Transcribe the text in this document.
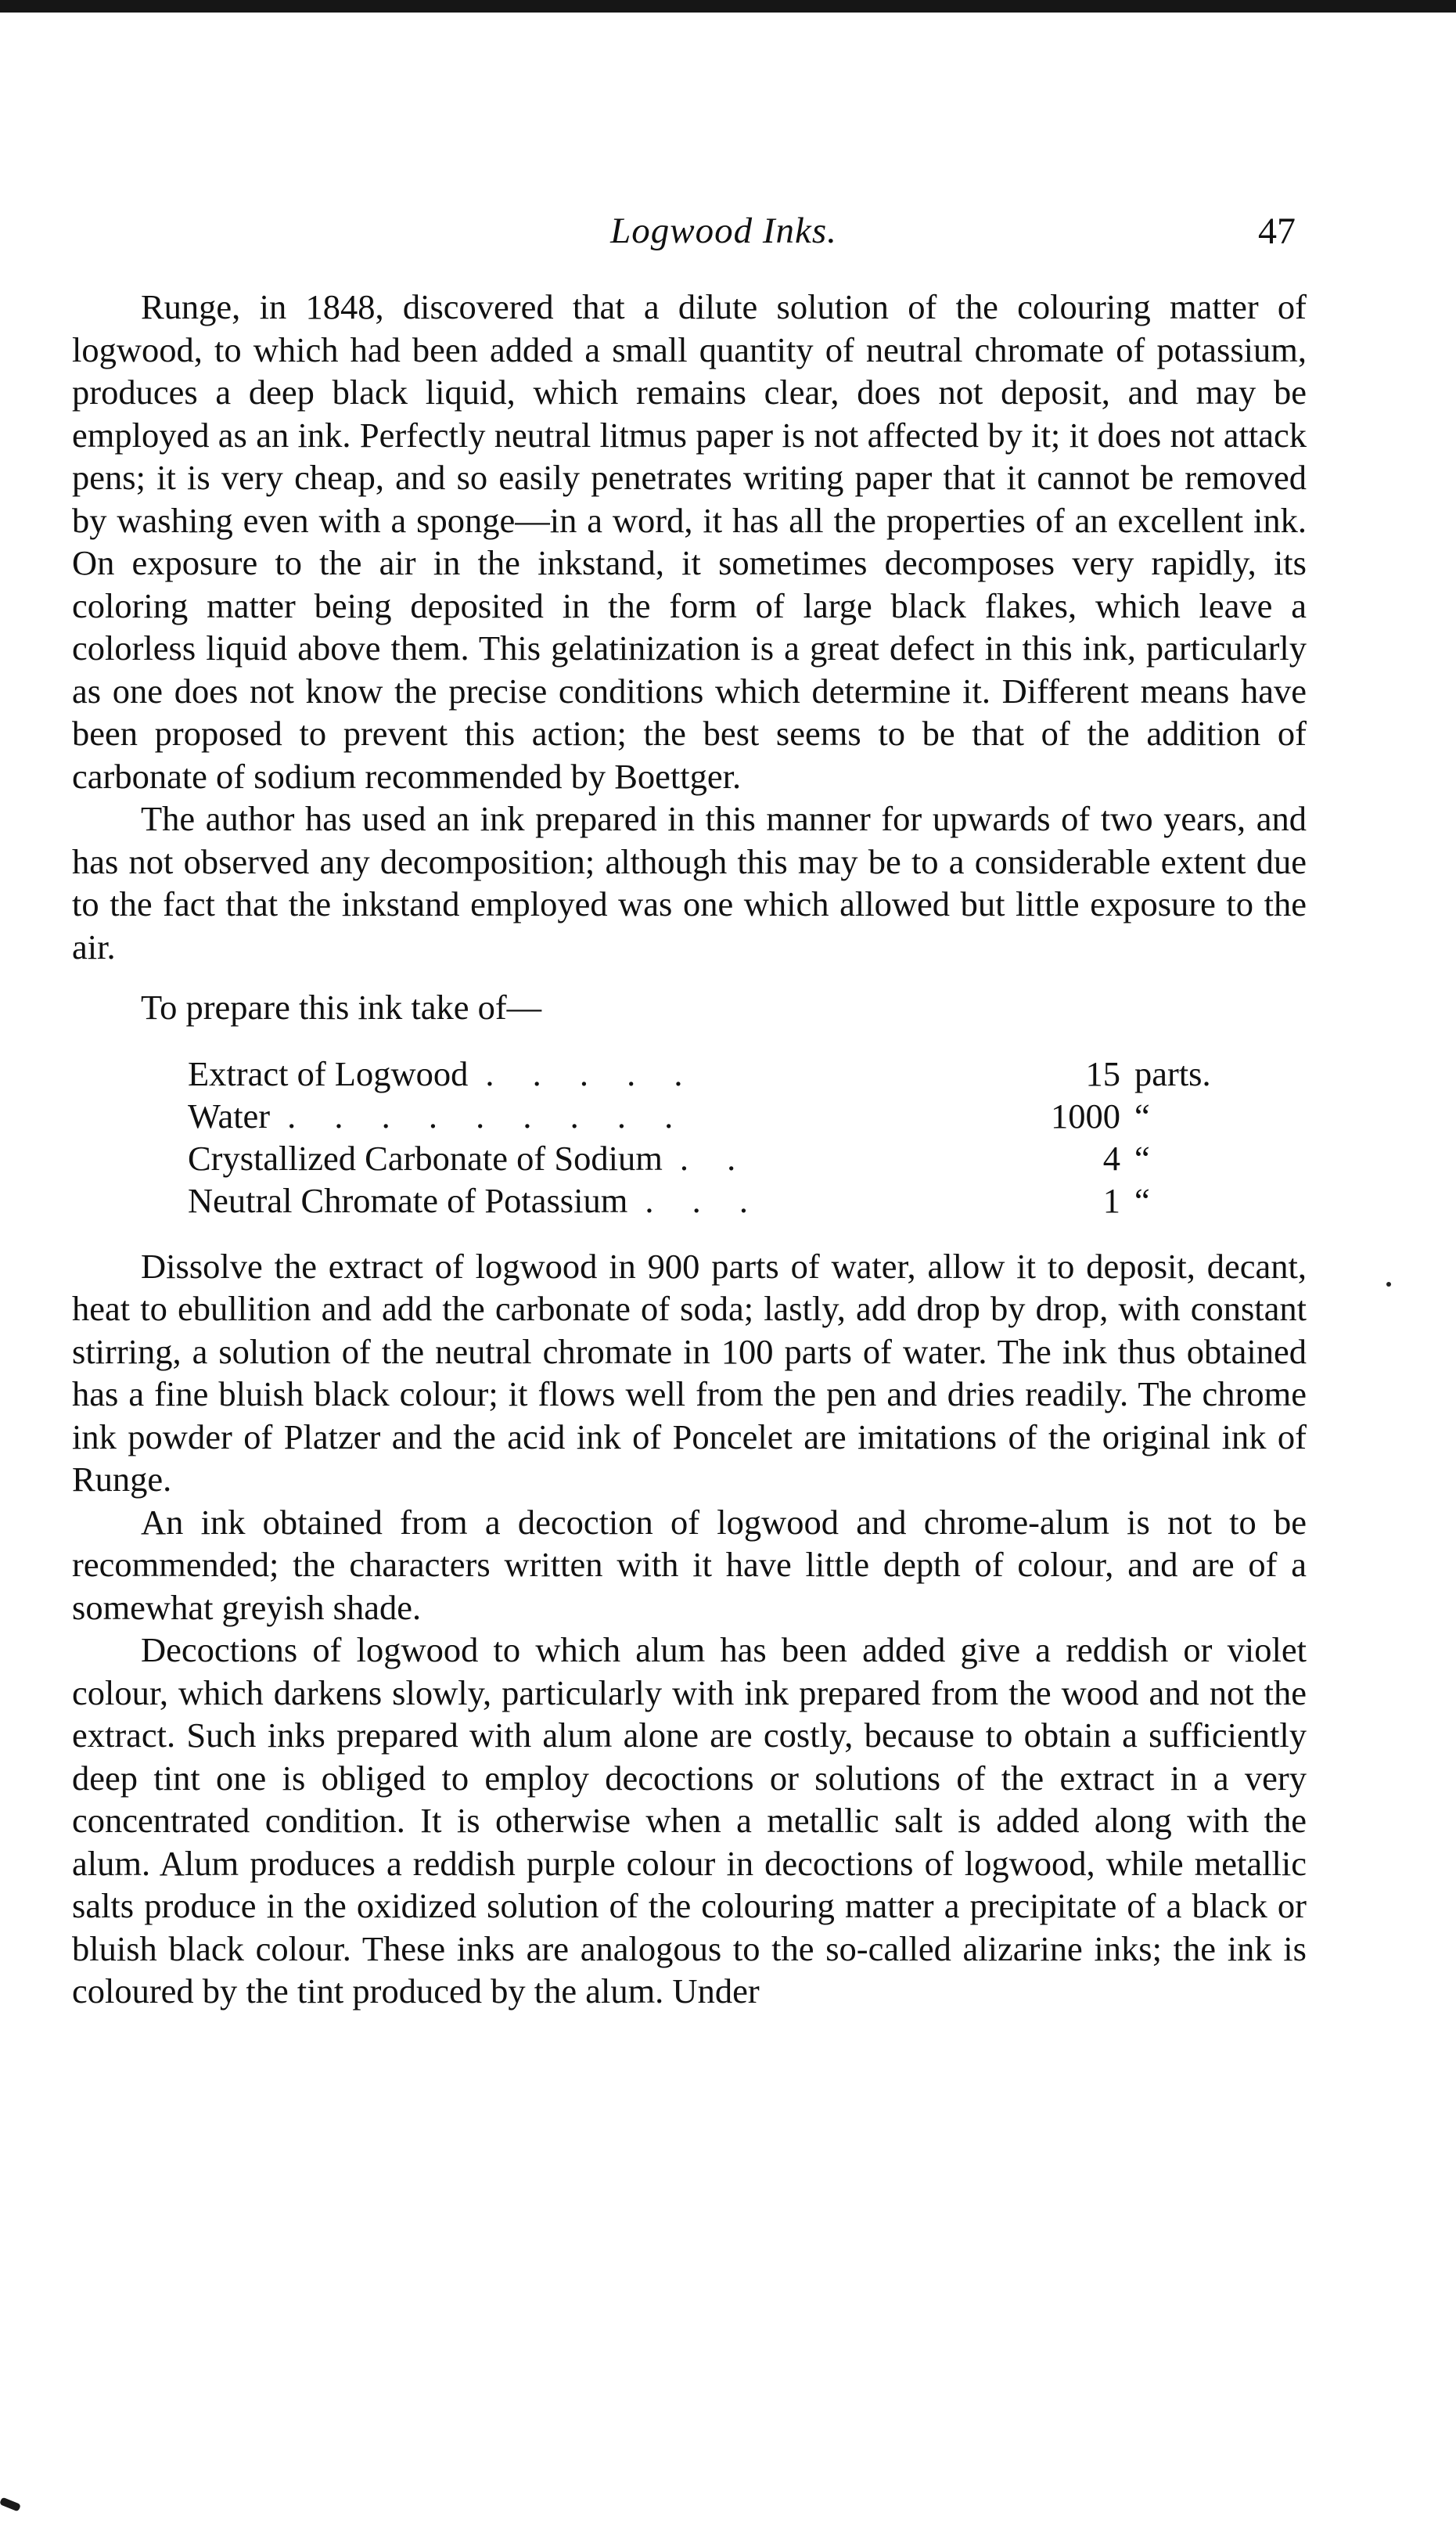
Logwood Inks.	47

Runge, in 1848, discovered that a dilute solution of the colouring matter of logwood, to which had been added a small quantity of neutral chromate of potassium, produces a deep black liquid, which remains clear, does not deposit, and may be employed as an ink. Perfectly neutral litmus paper is not affected by it; it does not attack pens; it is very cheap, and so easily penetrates writing paper that it cannot be removed by washing even with a sponge—in a word, it has all the properties of an excellent ink. On exposure to the air in the inkstand, it sometimes decomposes very rapidly, its coloring matter being deposited in the form of large black flakes, which leave a colorless liquid above them. This gelatinization is a great defect in this ink, particularly as one does not know the precise conditions which determine it. Different means have been proposed to prevent this action; the best seems to be that of the addition of carbonate of sodium recommended by Boettger.

The author has used an ink prepared in this manner for upwards of two years, and has not observed any decomposition; although this may be to a considerable extent due to the fact that the inkstand employed was one which allowed but little exposure to the air.

To prepare this ink take of—

Extract of Logwood . . . . .	15 parts.
Water . . . . . . . . .	1000 “
Crystallized Carbonate of Sodium . .	4 “
Neutral Chromate of Potassium . . .	1 “

Dissolve the extract of logwood in 900 parts of water, allow it to deposit, decant, heat to ebullition and add the carbonate of soda; lastly, add drop by drop, with constant stirring, a solution of the neutral chromate in 100 parts of water. The ink thus obtained has a fine bluish black colour; it flows well from the pen and dries readily. The chrome ink powder of Platzer and the acid ink of Poncelet are imitations of the original ink of Runge.

An ink obtained from a decoction of logwood and chrome-alum is not to be recommended; the characters written with it have little depth of colour, and are of a somewhat greyish shade.

Decoctions of logwood to which alum has been added give a reddish or violet colour, which darkens slowly, particularly with ink prepared from the wood and not the extract. Such inks prepared with alum alone are costly, because to obtain a sufficiently deep tint one is obliged to employ decoctions or solutions of the extract in a very concentrated condition. It is otherwise when a metallic salt is added along with the alum. Alum produces a reddish purple colour in decoctions of logwood, while metallic salts produce in the oxidized solution of the colouring matter a precipitate of a black or bluish black colour. These inks are analogous to the so-called alizarine inks; the ink is coloured by the tint produced by the alum. Under
